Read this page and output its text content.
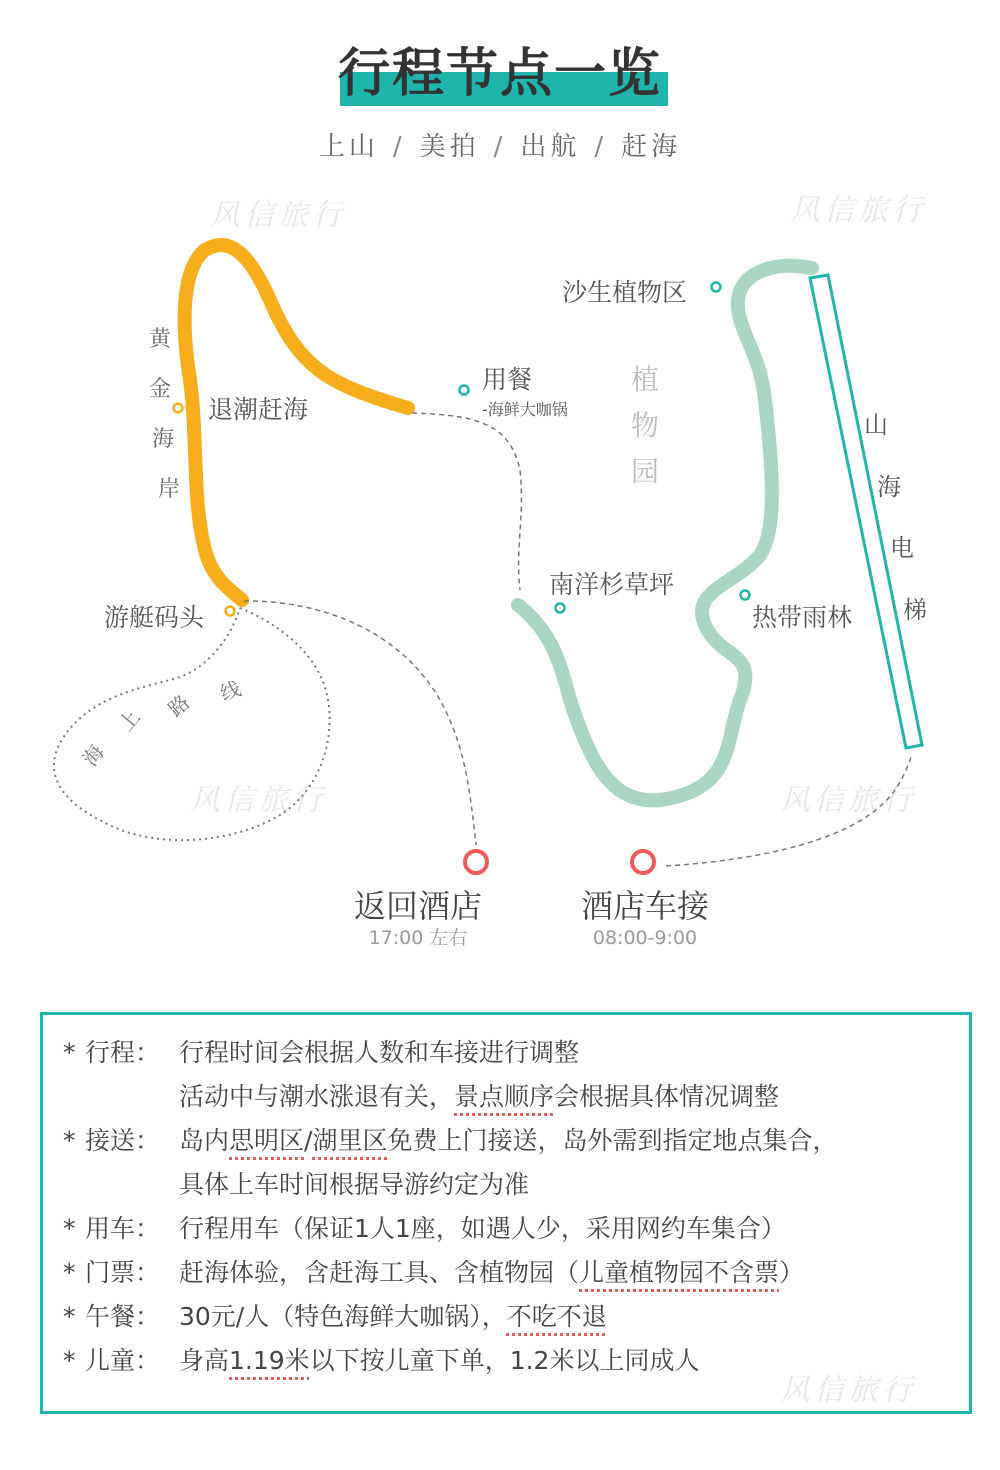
行程节点一览
上山 / 美拍 / 出航 / 赶海
风信旅行	风信旅行
风信旅行	风信旅行
风信旅行
黄
金
海
岸
退潮赶海
用餐
-海鲜大咖锅
游艇码头
海
上 路 线
植
物
园
沙生植物区
南洋杉草坪
热带雨林
山
海
电
梯
返回酒店
17:00 左右
酒店车接
08:00-9:00
* 行程： 行程时间会根据人数和车接进行调整
活动中与潮水涨退有关，景点顺序会根据具体情况调整
* 接送： 岛内思明区/湖里区免费上门接送，岛外需到指定地点集合，
具体上车时间根据导游约定为准
* 用车： 行程用车（保证1人1座，如遇人少，采用网约车集合）
* 门票： 赶海体验，含赶海工具、含植物园（儿童植物园不含票）
* 午餐： 30元/人（特色海鲜大咖锅），不吃不退
* 儿童： 身高1.19米以下按儿童下单，1.2米以上同成人
